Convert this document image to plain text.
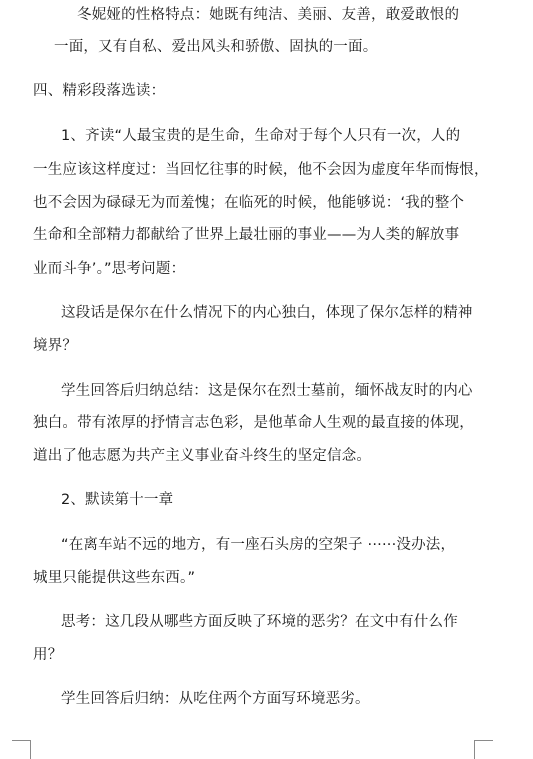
冬妮娅的性格特点：她既有纯洁、美丽、友善，敢爱敢恨的
一面，又有自私、爱出风头和骄傲、固执的一面。
四、精彩段落选读：
1、齐读“人最宝贵的是生命，生命对于每个人只有一次，人的
一生应该这样度过：当回忆往事的时候，他不会因为虚度年华而悔恨，
也不会因为碌碌无为而羞愧；在临死的时候，他能够说：‘我的整个
生命和全部精力都献给了世界上最壮丽的事业——为人类的解放事
业而斗争’。”思考问题：
这段话是保尔在什么情况下的内心独白，体现了保尔怎样的精神
境界？
学生回答后归纳总结：这是保尔在烈士墓前，缅怀战友时的内心
独白。带有浓厚的抒情言志色彩，是他革命人生观的最直接的体现，
道出了他志愿为共产主义事业奋斗终生的坚定信念。
2、默读第十一章
“在离车站不远的地方，有一座石头房的空架子 ······没办法，
城里只能提供这些东西。”
思考：这几段从哪些方面反映了环境的恶劣？在文中有什么作
用？
学生回答后归纳：从吃住两个方面写环境恶劣。
